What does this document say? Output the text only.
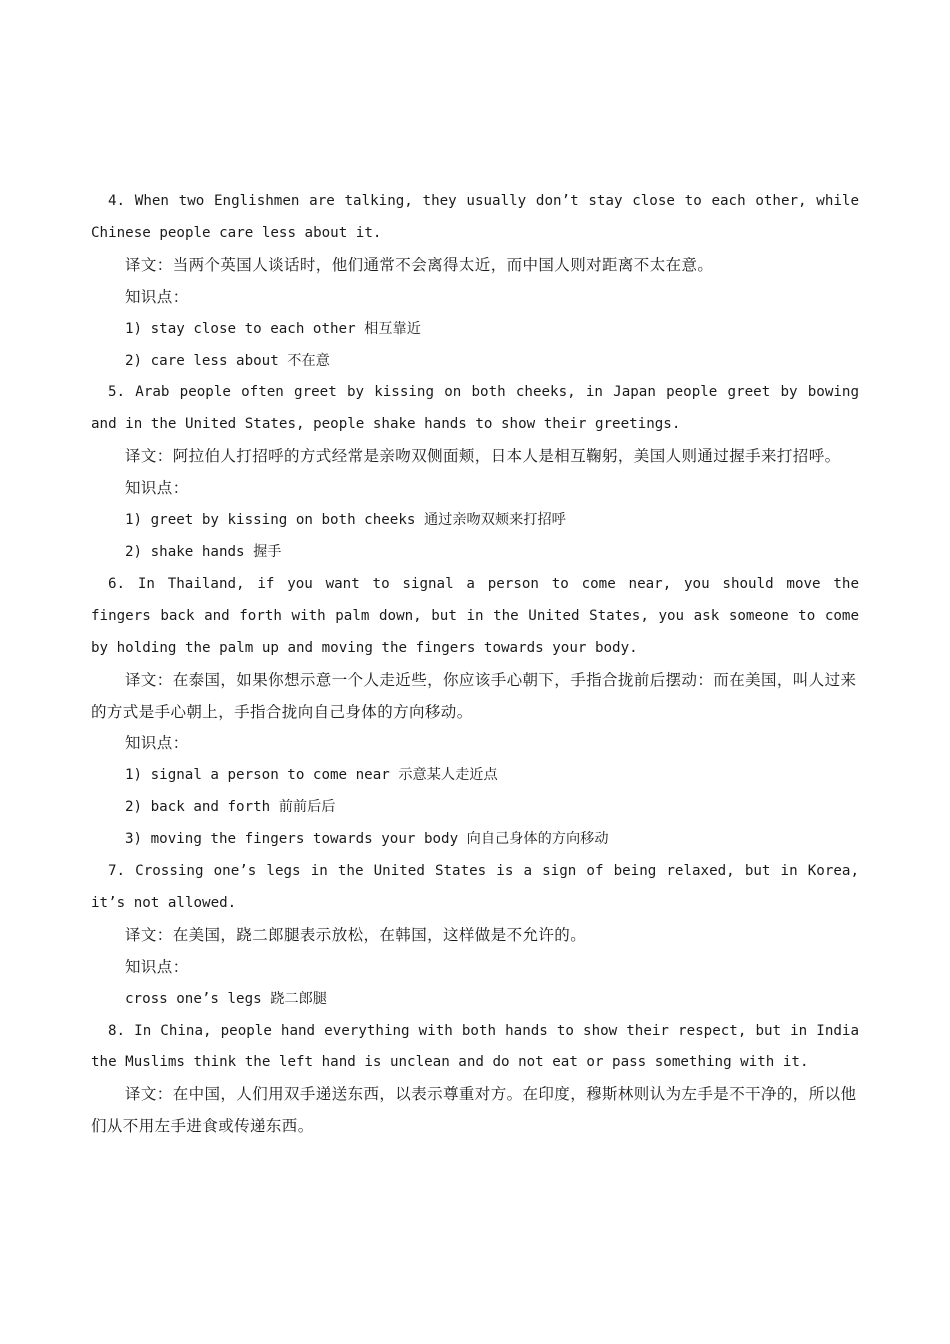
4. When two Englishmen are talking, they usually don’t stay close to each other, while Chinese people care less about it.

译文：当两个英国人谈话时，他们通常不会离得太近，而中国人则对距离不太在意。

知识点：

1) stay close to each other 相互靠近

2) care less about 不在意

5. Arab people often greet by kissing on both cheeks, in Japan people greet by bowing and in the United States, people shake hands to show their greetings.

译文：阿拉伯人打招呼的方式经常是亲吻双侧面颊，日本人是相互鞠躬，美国人则通过握手来打招呼。

知识点：

1) greet by kissing on both cheeks 通过亲吻双颊来打招呼

2) shake hands 握手

6. In Thailand, if you want to signal a person to come near, you should move the fingers back and forth with palm down, but in the United States, you ask someone to come by holding the palm up and moving the fingers towards your body.

译文：在泰国，如果你想示意一个人走近些，你应该手心朝下，手指合拢前后摆动：而在美国，叫人过来的方式是手心朝上，手指合拢向自己身体的方向移动。

知识点：

1) signal a person to come near 示意某人走近点

2) back and forth 前前后后

3) moving the fingers towards your body 向自己身体的方向移动

7. Crossing one’s legs in the United States is a sign of being relaxed, but in Korea, it’s not allowed.

译文：在美国，跷二郎腿表示放松，在韩国，这样做是不允许的。

知识点：

cross one’s legs 跷二郎腿

8. In China, people hand everything with both hands to show their respect, but in India the Muslims think the left hand is unclean and do not eat or pass something with it.

译文：在中国，人们用双手递送东西，以表示尊重对方。在印度，穆斯林则认为左手是不干净的，所以他们从不用左手进食或传递东西。
